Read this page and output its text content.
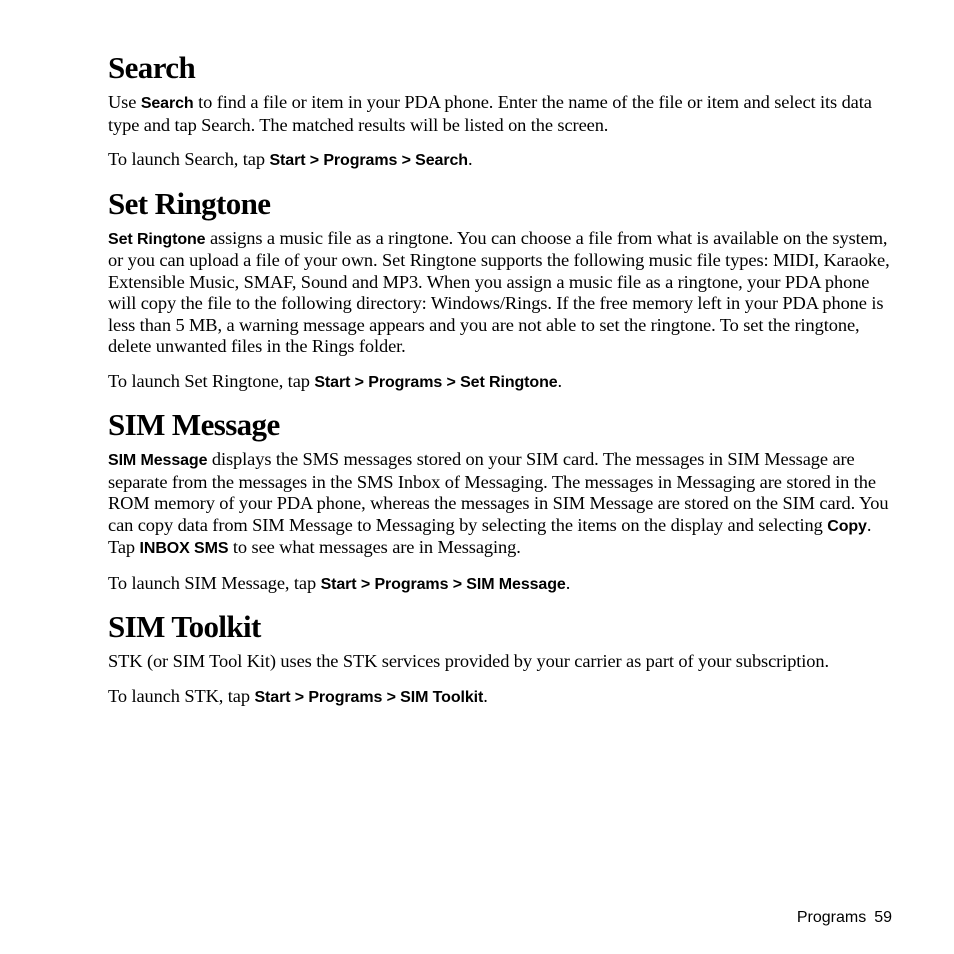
Search

Use Search to find a file or item in your PDA phone. Enter the name of the file or item and select its data type and tap Search. The matched results will be listed on the screen.

To launch Search, tap Start > Programs > Search.

Set Ringtone

Set Ringtone assigns a music file as a ringtone. You can choose a file from what is available on the system, or you can upload a file of your own. Set Ringtone supports the following music file types: MIDI, Karaoke, Extensible Music, SMAF, Sound and MP3. When you assign a music file as a ringtone, your PDA phone will copy the file to the following directory: Windows/Rings. If the free memory left in your PDA phone is less than 5 MB, a warning message appears and you are not able to set the ringtone. To set the ringtone, delete unwanted files in the Rings folder.

To launch Set Ringtone, tap Start > Programs > Set Ringtone.

SIM Message

SIM Message displays the SMS messages stored on your SIM card. The messages in SIM Message are separate from the messages in the SMS Inbox of Messaging. The messages in Messaging are stored in the ROM memory of your PDA phone, whereas the messages in SIM Message are stored on the SIM card. You can copy data from SIM Message to Messaging by selecting the items on the display and selecting Copy. Tap INBOX SMS to see what messages are in Messaging.

To launch SIM Message, tap Start > Programs > SIM Message.

SIM Toolkit

STK (or SIM Tool Kit) uses the STK services provided by your carrier as part of your subscription.

To launch STK, tap Start > Programs > SIM Toolkit.

Programs 59
